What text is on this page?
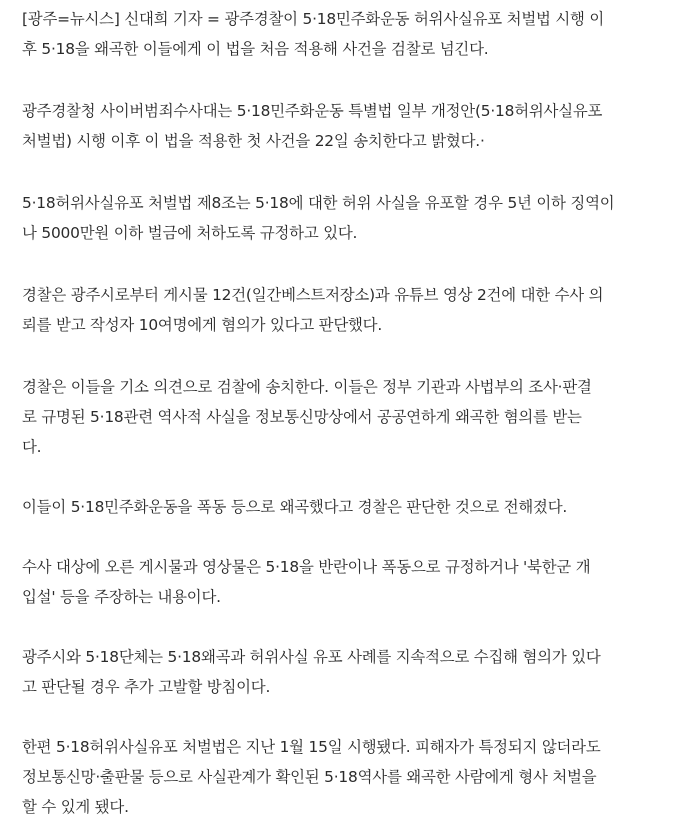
[광주=뉴시스] 신대희 기자 = 광주경찰이 5·18민주화운동 허위사실유포 처벌법 시행 이
후 5·18을 왜곡한 이들에게 이 법을 처음 적용해 사건을 검찰로 넘긴다.

광주경찰청 사이버범죄수사대는 5·18민주화운동 특별법 일부 개정안(5·18허위사실유포
처벌법) 시행 이후 이 법을 적용한 첫 사건을 22일 송치한다고 밝혔다.·

5·18허위사실유포 처벌법 제8조는 5·18에 대한 허위 사실을 유포할 경우 5년 이하 징역이
나 5000만원 이하 벌금에 처하도록 규정하고 있다.

경찰은 광주시로부터 게시물 12건(일간베스트저장소)과 유튜브 영상 2건에 대한 수사 의
뢰를 받고 작성자 10여명에게 혐의가 있다고 판단했다.

경찰은 이들을 기소 의견으로 검찰에 송치한다. 이들은 정부 기관과 사법부의 조사·판결
로 규명된 5·18관련 역사적 사실을 정보통신망상에서 공공연하게 왜곡한 혐의를 받는
다.

이들이 5·18민주화운동을 폭동 등으로 왜곡했다고 경찰은 판단한 것으로 전해졌다.

수사 대상에 오른 게시물과 영상물은 5·18을 반란이나 폭동으로 규정하거나 '북한군 개
입설' 등을 주장하는 내용이다.

광주시와 5·18단체는 5·18왜곡과 허위사실 유포 사례를 지속적으로 수집해 혐의가 있다
고 판단될 경우 추가 고발할 방침이다.

한편 5·18허위사실유포 처벌법은 지난 1월 15일 시행됐다. 피해자가 특정되지 않더라도
정보통신망·출판물 등으로 사실관계가 확인된 5·18역사를 왜곡한 사람에게 형사 처벌을
할 수 있게 됐다.
